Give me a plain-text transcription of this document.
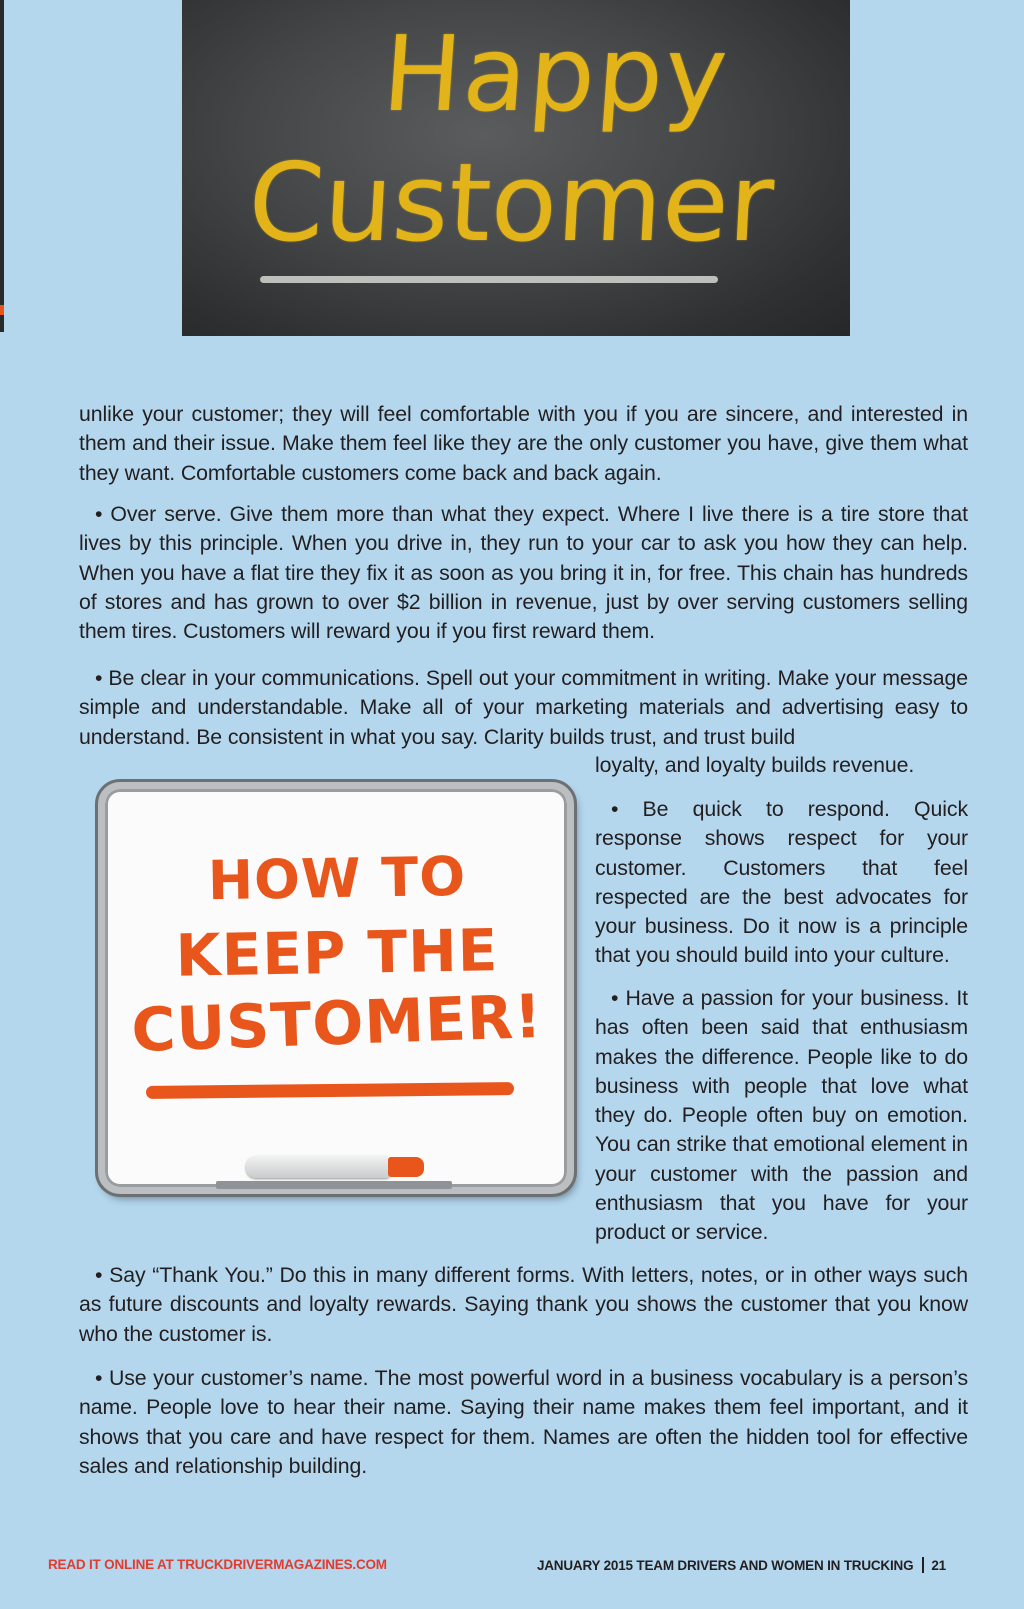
Happy
Customer

unlike your customer; they will feel comfortable with you if you are sincere, and interested in them and their issue. Make them feel like they are the only customer you have, give them what they want. Comfortable customers come back and back again.

• Over serve. Give them more than what they expect. Where I live there is a tire store that lives by this principle. When you drive in, they run to your car to ask you how they can help. When you have a flat tire they fix it as soon as you bring it in, for free. This chain has hundreds of stores and has grown to over $2 billion in revenue, just by over serving customers selling them tires. Customers will reward you if you first reward them.

• Be clear in your communications. Spell out your commitment in writing. Make your message simple and understandable. Make all of your marketing materials and advertising easy to understand. Be consistent in what you say. Clarity builds trust, and trust build

loyalty, and loyalty builds revenue.

HOW TO
KEEP THE
CUSTOMER!

• Be quick to respond. Quick response shows respect for your customer. Customers that feel respected are the best advocates for your business. Do it now is a principle that you should build into your culture.

• Have a passion for your business. It has often been said that enthusiasm makes the difference. People like to do business with people that love what they do. People often buy on emotion. You can strike that emotional element in your customer with the passion and enthusiasm that you have for your product or service.

• Say “Thank You.” Do this in many different forms. With letters, notes, or in other ways such as future discounts and loyalty rewards. Saying thank you shows the customer that you know who the customer is.

• Use your customer’s name. The most powerful word in a business vocabulary is a person’s name. People love to hear their name. Saying their name makes them feel important, and it shows that you care and have respect for them. Names are often the hidden tool for effective sales and relationship building.

READ IT ONLINE AT TRUCKDRIVERMAGAZINES.COM	JANUARY 2015 TEAM DRIVERS AND WOMEN IN TRUCKING 21
